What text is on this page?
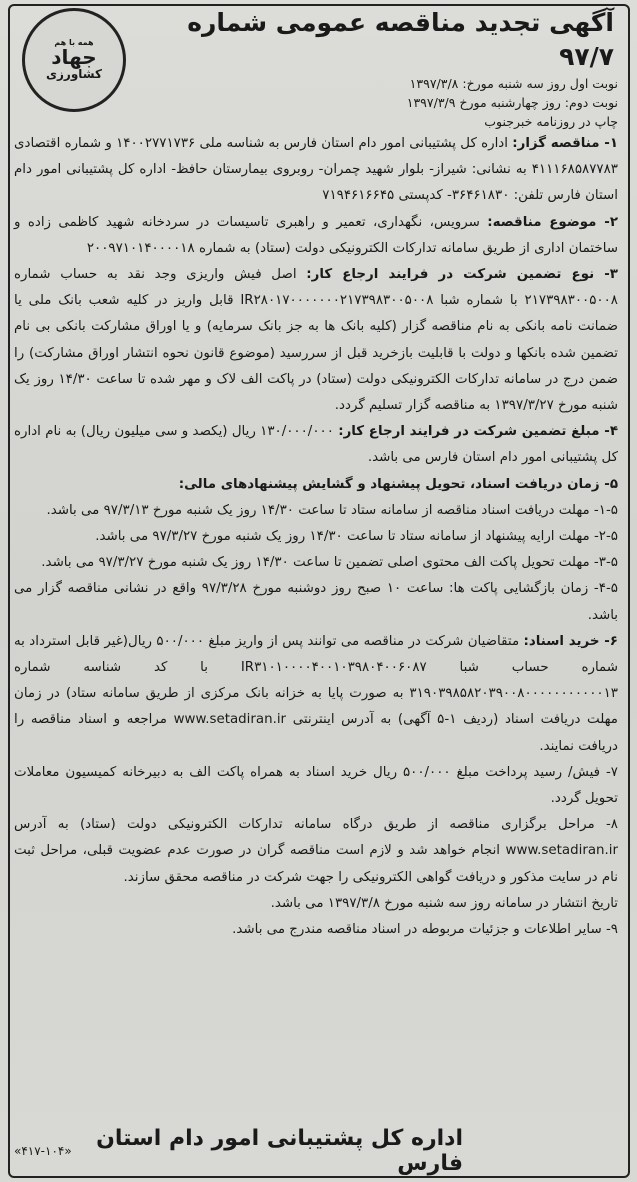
همه با هم
جهاد
کشاورزی
آگهی تجدید مناقصه عمومی شماره ۹۷/۷

نوبت اول روز سه شنبه مورخ: ۱۳۹۷/۳/۸

نوبت دوم: روز چهارشنبه مورخ ۱۳۹۷/۳/۹

چاپ در روزنامه خبرجنوب

۱- مناقصه گزار: اداره کل پشتیبانی امور دام استان فارس به شناسه ملی ۱۴۰۰۲۷۷۱۷۳۶ و شماره اقتصادی ۴۱۱۱۶۸۵۸۷۷۸۳ به نشانی: شیراز- بلوار شهید چمران- روبروی بیمارستان حافظ- اداره کل پشتیبانی امور دام استان فارس تلفن: ۳۶۴۶۱۸۳۰- کدپستی ۷۱۹۴۶۱۶۶۴۵

۲- موضوع مناقصه: سرویس، نگهداری، تعمیر و راهبری تاسیسات در سردخانه شهید کاظمی زاده و ساختمان اداری از طریق سامانه تدارکات الکترونیکی دولت (ستاد) به شماره ۲۰۰۹۷۱۰۱۴۰۰۰۰۱۸

۳- نوع تضمین شرکت در فرایند ارجاع کار: اصل فیش واریزی وجد نقد به حساب شماره ۲۱۷۳۹۸۳۰۰۵۰۰۸ با شماره شبا IR۲۸۰۱۷۰۰۰۰۰۰۰۲۱۷۳۹۸۳۰۰۵۰۰۸ قابل واریز در کلیه شعب بانک ملی یا ضمانت نامه بانکی به نام مناقصه گزار (کلیه بانک ها به جز بانک سرمایه) و یا اوراق مشارکت بانکی بی نام تضمین شده بانکها و دولت با قابلیت بازخرید قبل از سررسید (موضوع قانون نحوه انتشار اوراق مشارکت) را ضمن درج در سامانه تدارکات الکترونیکی دولت (ستاد) در پاکت الف لاک و مهر شده تا ساعت ۱۴/۳۰ روز یک شنبه مورخ ۱۳۹۷/۳/۲۷ به مناقصه گزار تسلیم گردد.

۴- مبلغ تضمین شرکت در فرایند ارجاع کار: ۱۳۰/۰۰۰/۰۰۰ ریال (یکصد و سی میلیون ریال) به نام اداره کل پشتیبانی امور دام استان فارس می باشد.

۵- زمان دریافت اسناد، تحویل پیشنهاد و گشایش پیشنهادهای مالی:

۱-۵- مهلت دریافت اسناد مناقصه از سامانه ستاد تا ساعت ۱۴/۳۰ روز یک شنبه مورخ ۹۷/۳/۱۳ می باشد.

۲-۵- مهلت ارایه پیشنهاد از سامانه ستاد تا ساعت ۱۴/۳۰ روز یک شنبه مورخ ۹۷/۳/۲۷ می باشد.

۳-۵- مهلت تحویل پاکت الف محتوی اصلی تضمین تا ساعت ۱۴/۳۰ روز یک شنبه مورخ ۹۷/۳/۲۷ می باشد.

۴-۵- زمان بازگشایی پاکت ها: ساعت ۱۰ صبح روز دوشنبه مورخ ۹۷/۳/۲۸ واقع در نشانی مناقصه گزار می باشد.

۶- خرید اسناد: متقاضیان شرکت در مناقصه می توانند پس از واریز مبلغ ۵۰۰/۰۰۰ ریال(غیر قابل استرداد به شماره حساب شبا IR۳۱۰۱۰۰۰۰۴۰۰۱۰۳۹۸۰۴۰۰۶۰۸۷ با کد شناسه شماره ۳۱۹۰۳۹۸۵۸۲۰۳۹۰۰۸۰۰۰۰۰۰۰۰۰۰۰۱۳ به صورت پایا به خزانه بانک مرکزی از طریق سامانه ستاد) در زمان مهلت دریافت اسناد (ردیف ۱-۵ آگهی) به آدرس اینترنتی www.setadiran.ir مراجعه و اسناد مناقصه را دریافت نمایند.

۷- فیش/ رسید پرداخت مبلغ ۵۰۰/۰۰۰ ریال خرید اسناد به همراه پاکت الف به دبیرخانه کمیسیون معاملات تحویل گردد.

۸- مراحل برگزاری مناقصه از طریق درگاه سامانه تدارکات الکترونیکی دولت (ستاد) به آدرس www.setadiran.ir انجام خواهد شد و لازم است مناقصه گران در صورت عدم عضویت قبلی، مراحل ثبت نام در سایت مذکور و دریافت گواهی الکترونیکی را جهت شرکت در مناقصه محقق سازند.

تاریخ انتشار در سامانه روز سه شنبه مورخ ۱۳۹۷/۳/۸ می باشد.

۹- سایر اطلاعات و جزئیات مربوطه در اسناد مناقصه مندرج می باشد.

اداره کل پشتیبانی امور دام استان فارس
«۴۱۷-۱۰۴»
